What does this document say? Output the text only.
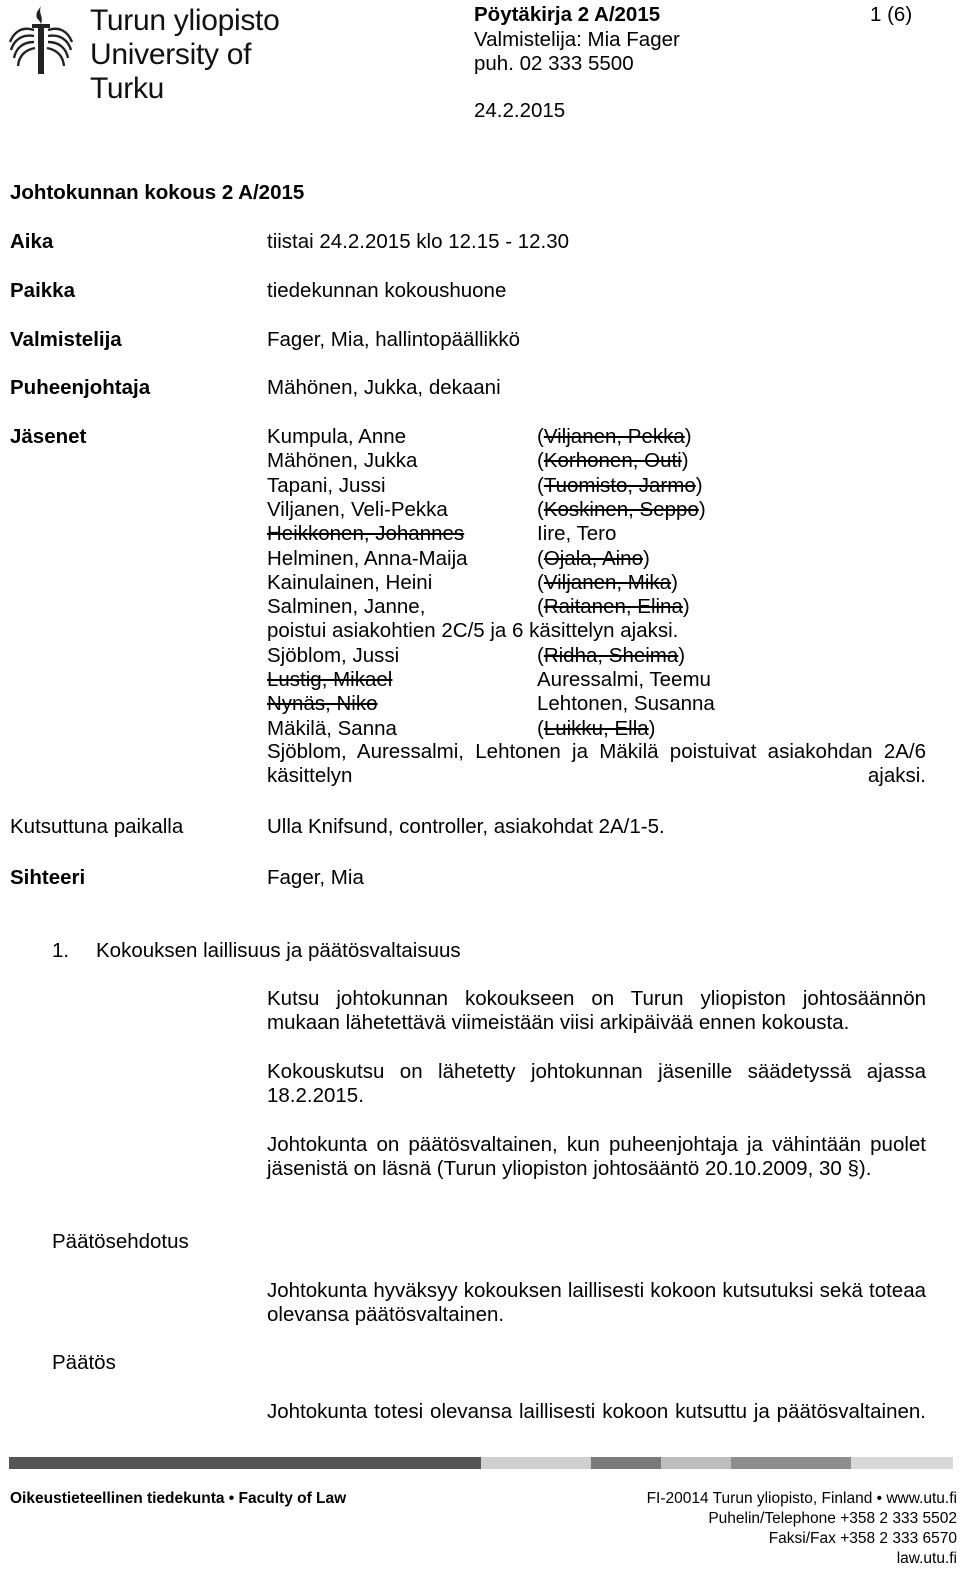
Turun yliopisto
University of Turku
Pöytäkirja 2 A/2015	1 (6)
Valmistelija: Mia Fager
puh. 02 333 5500
24.2.2015
Johtokunnan kokous 2 A/2015
Aika	tiistai 24.2.2015 klo 12.15 - 12.30
Paikka	tiedekunnan kokoushuone
Valmistelija	Fager, Mia, hallintopäällikkö
Puheenjohtaja	Mähönen, Jukka, dekaani
Jäsenet	Kumpula, Anne	(Viljanen, Pekka)
Mähönen, Jukka	(Korhonen, Outi)
Tapani, Jussi	(Tuomisto, Jarmo)
Viljanen, Veli-Pekka	(Koskinen, Seppo)
Heikkonen, Johannes	Iire, Tero
Helminen, Anna-Maija	(Ojala, Aino)
Kainulainen, Heini	(Viljanen, Mika)
Salminen, Janne,	(Raitanen, Elina)
poistui asiakohtien 2C/5 ja 6 käsittelyn ajaksi.
Sjöblom, Jussi	(Ridha, Sheima)
Lustig, Mikael	Auressalmi, Teemu
Nynäs, Niko	Lehtonen, Susanna
Mäkilä, Sanna	(Luikku, Ella)
Sjöblom, Auressalmi, Lehtonen ja Mäkilä poistuivat asiakohdan 2A/6 käsittelyn ajaksi.
Kutsuttuna paikalla	Ulla Knifsund, controller, asiakohdat 2A/1-5.
Sihteeri	Fager, Mia
1. Kokouksen laillisuus ja päätösvaltaisuus
Kutsu johtokunnan kokoukseen on Turun yliopiston johtosäännön mukaan lähetettävä viimeistään viisi arkipäivää ennen kokousta.
Kokouskutsu on lähetetty johtokunnan jäsenille säädetyssä ajassa 18.2.2015.
Johtokunta on päätösvaltainen, kun puheenjohtaja ja vähintään puolet jäsenistä on läsnä (Turun yliopiston johtosääntö 20.10.2009, 30 §).
Päätösehdotus
Johtokunta hyväksyy kokouksen laillisesti kokoon kutsutuksi sekä toteaa olevansa päätösvaltainen.
Päätös
Johtokunta totesi olevansa laillisesti kokoon kutsuttu ja päätösvaltainen.
Oikeustieteellinen tiedekunta • Faculty of Law	FI-20014 Turun yliopisto, Finland • www.utu.fi
Puhelin/Telephone +358 2 333 5502
Faksi/Fax +358 2 333 6570
law.utu.fi
